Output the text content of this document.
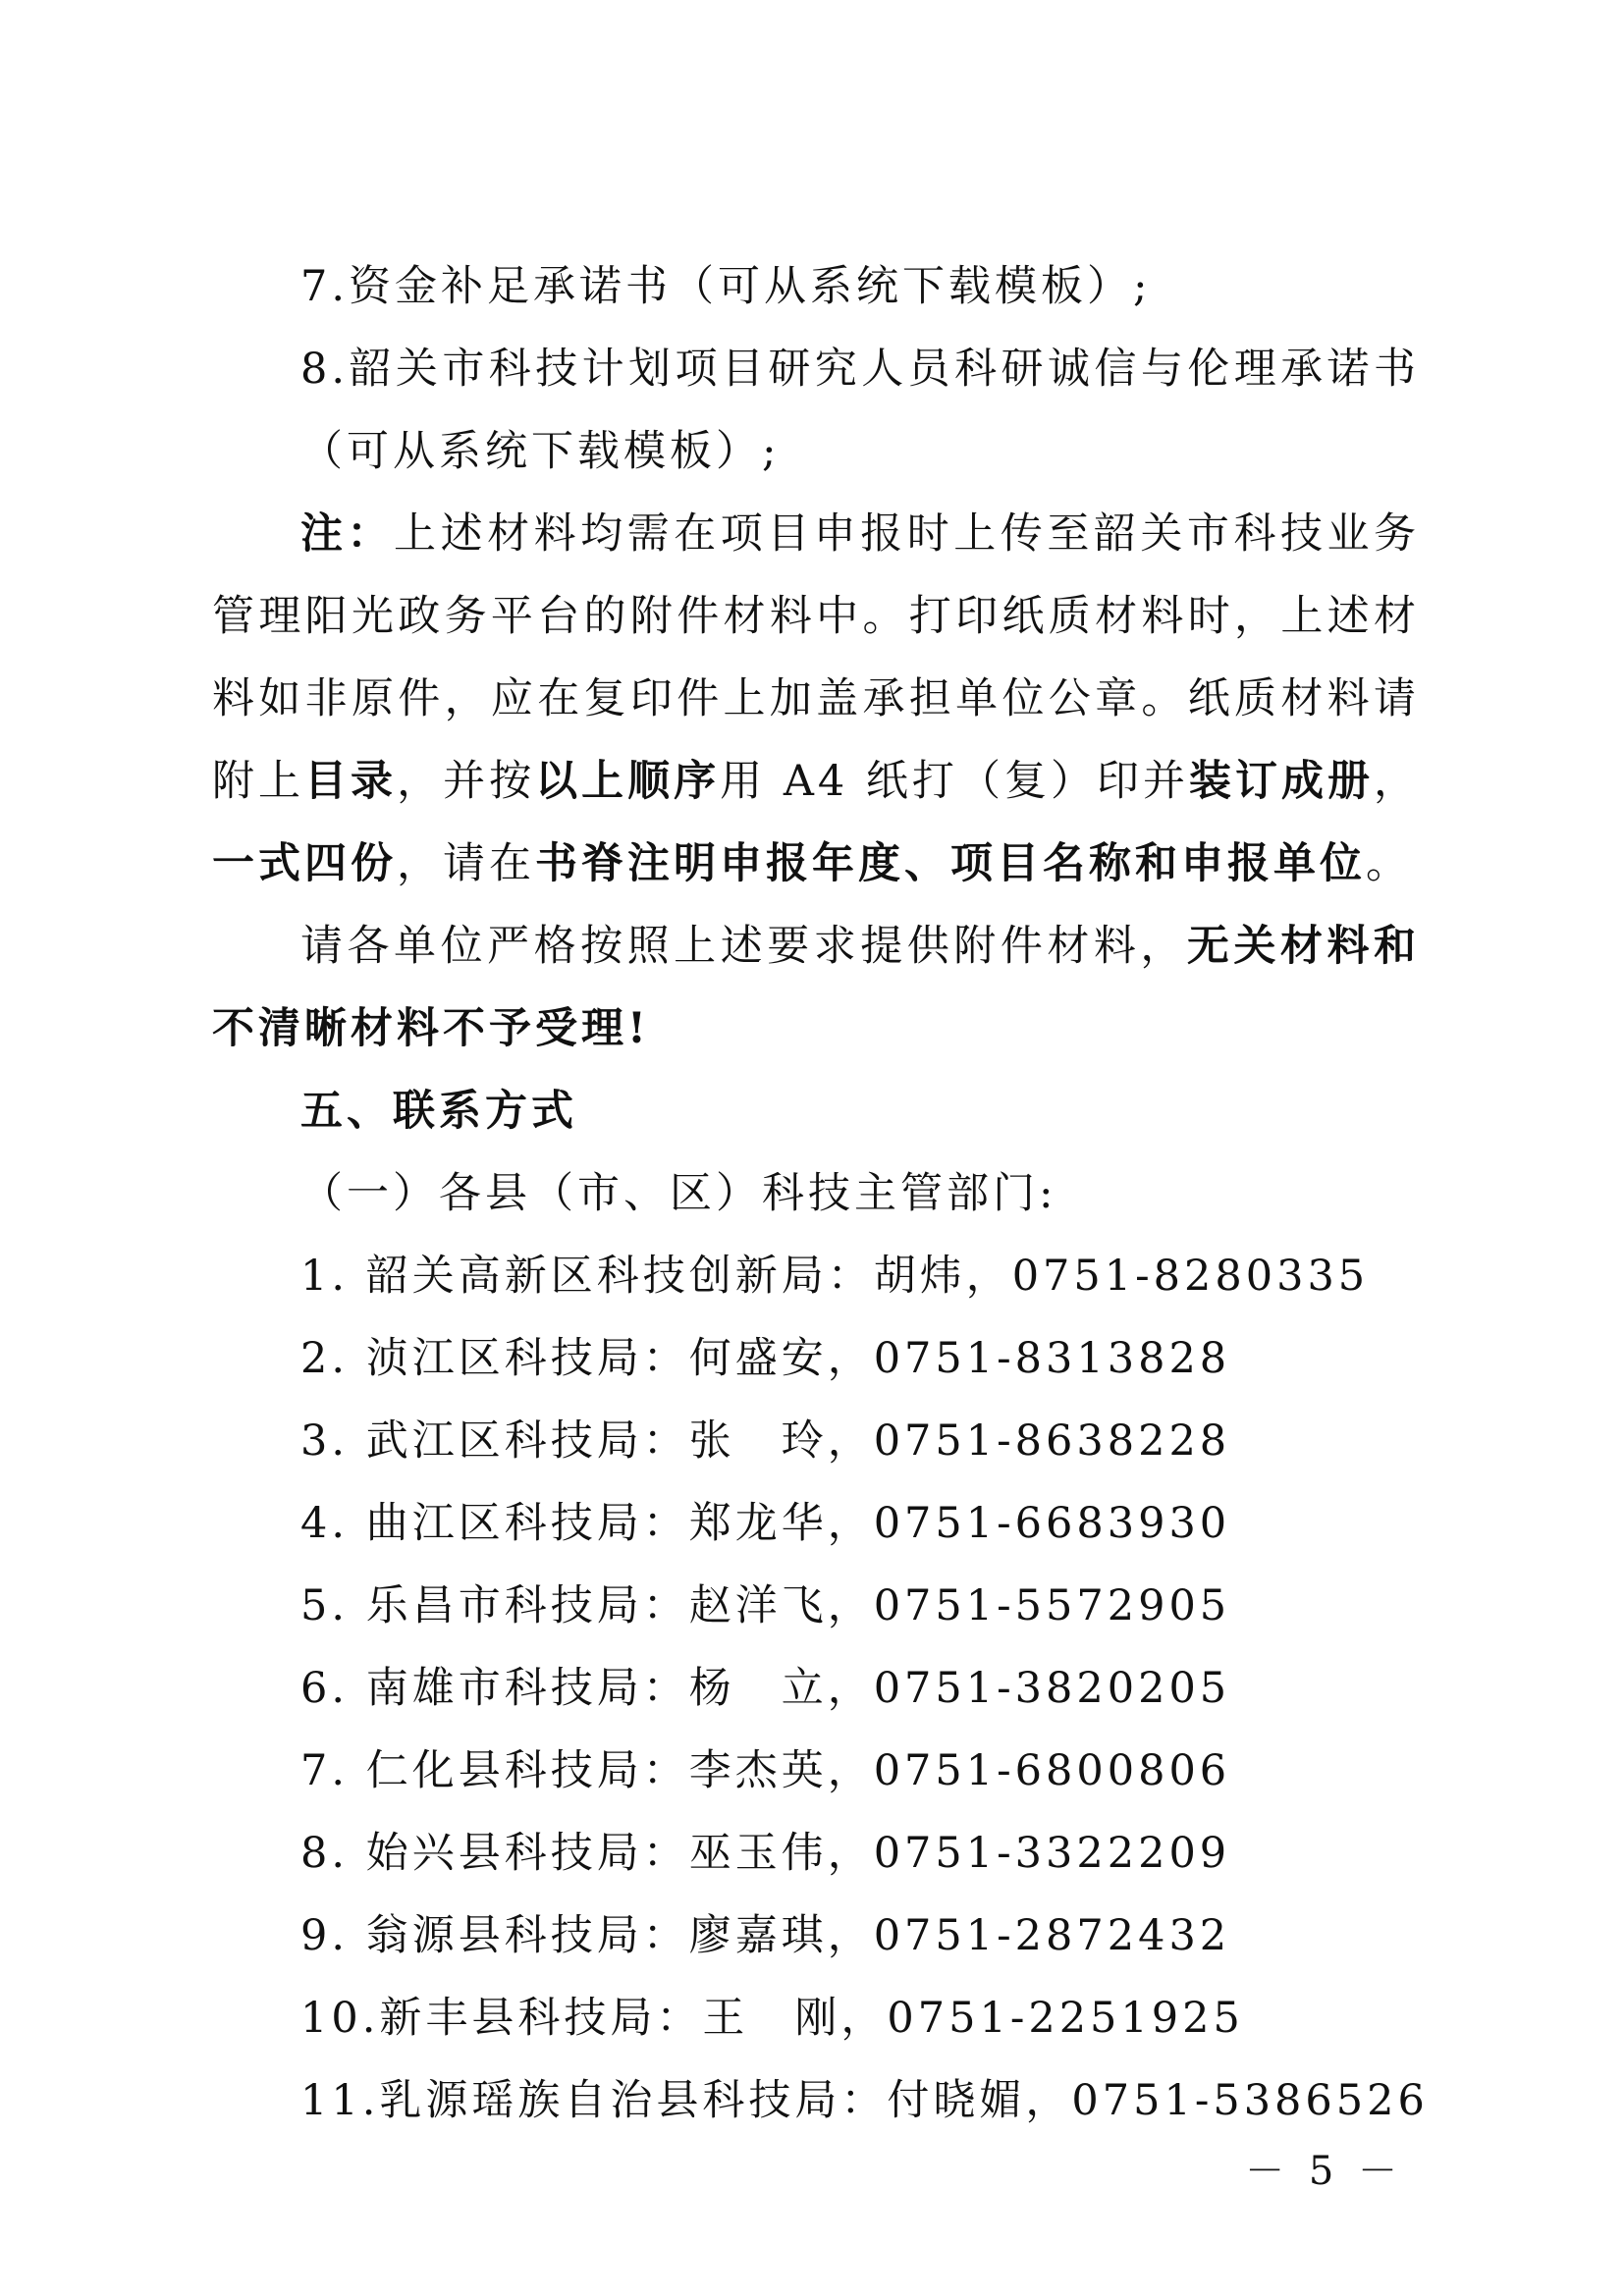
7.资金补足承诺书（可从系统下载模板）;
8.韶关市科技计划项目研究人员科研诚信与伦理承诺书（可从系统下载模板）;
注：上述材料均需在项目申报时上传至韶关市科技业务管理阳光政务平台的附件材料中。打印纸质材料时，上述材料如非原件，应在复印件上加盖承担单位公章。纸质材料请附上目录，并按以上顺序用 A4 纸打（复）印并装订成册，一式四份，请在书脊注明申报年度、项目名称和申报单位。
请各单位严格按照上述要求提供附件材料，无关材料和不清晰材料不予受理!
五、联系方式
（一）各县（市、区）科技主管部门:
1. 韶关高新区科技创新局：胡炜，0751-8280335
2. 浈江区科技局：何盛安，0751-8313828
3. 武江区科技局：张　玲，0751-8638228
4. 曲江区科技局：郑龙华，0751-6683930
5. 乐昌市科技局：赵洋飞，0751-5572905
6. 南雄市科技局：杨　立，0751-3820205
7. 仁化县科技局：李杰英，0751-6800806
8. 始兴县科技局：巫玉伟，0751-3322209
9. 翁源县科技局：廖嘉琪，0751-2872432
10.新丰县科技局：王　刚，0751-2251925
11.乳源瑶族自治县科技局：付晓媚，0751-5386526
－ 5 －
